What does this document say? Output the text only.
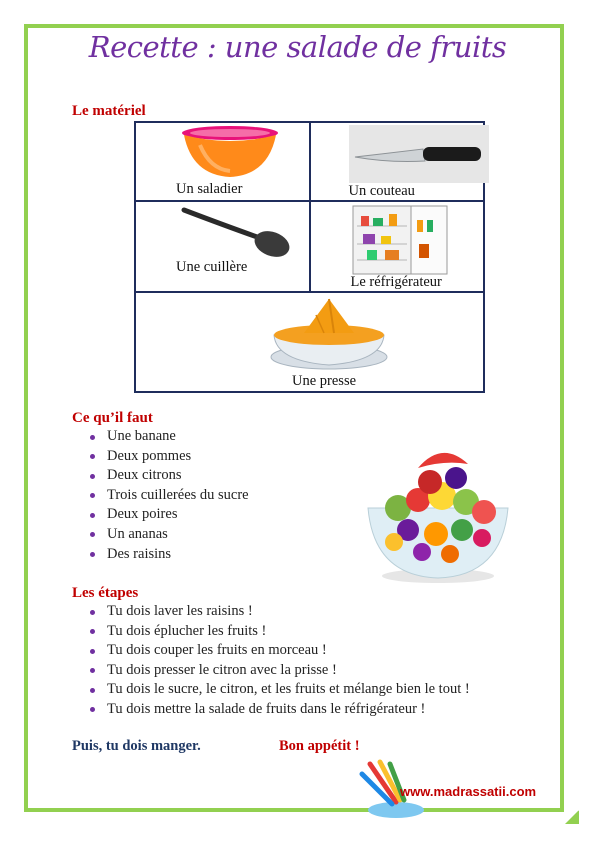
Recette : une salade de fruits
Le matériel
Un saladier	Un couteau

Une cuillère	Le réfrigérateur

Une presse	
Ce qu’il faut
Une banane
Deux pommes
Deux citrons
Trois cuillerées du sucre
Deux poires
Un ananas
Des raisins
Les étapes
Tu dois laver les raisins !
Tu dois éplucher les fruits !
Tu dois couper les fruits en morceau !
Tu dois presser le citron avec la prisse !
Tu dois le sucre, le citron, et les fruits et mélange bien le tout !
Tu dois mettre la salade de fruits dans le réfrigérateur !
Puis, tu dois manger.	Bon appétit !
www.madrassatii.com
